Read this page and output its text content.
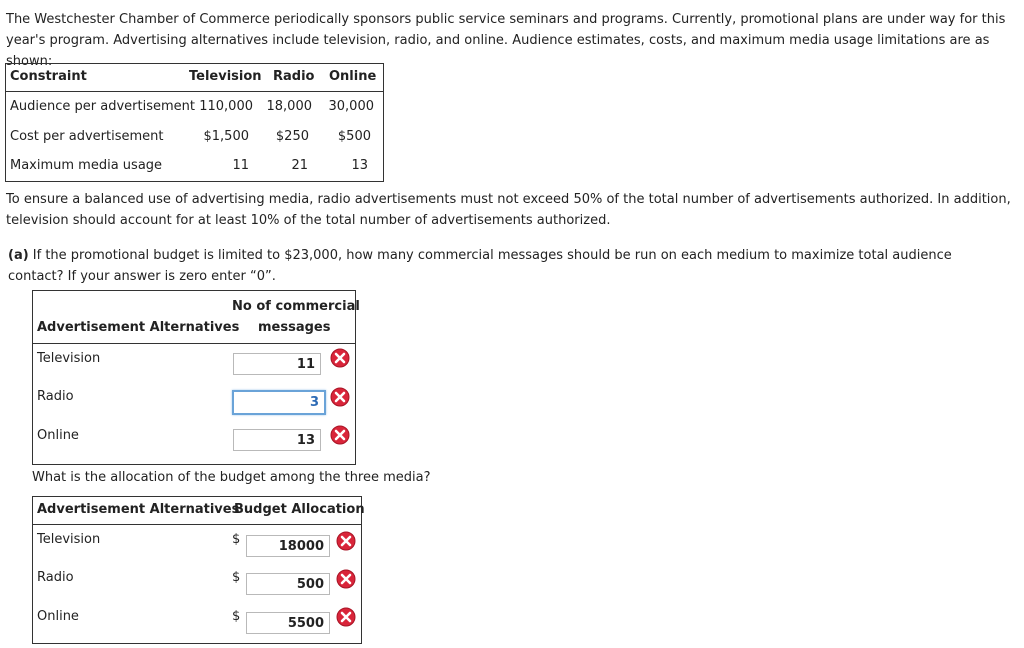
The Westchester Chamber of Commerce periodically sponsors public service seminars and programs. Currently, promotional plans are under way for this year's program. Advertising alternatives include television, radio, and online. Audience estimates, costs, and maximum media usage limitations are as shown:
Constraint	Television Radio Online
Audience per advertisement 110,000	18,000	30,000
Cost per advertisement	$1,500	$250	$500
Maximum media usage	11	21	13
To ensure a balanced use of advertising media, radio advertisements must not exceed 50% of the total number of advertisements authorized. In addition, television should account for at least 10% of the total number of advertisements authorized.
(a) If the promotional budget is limited to $23,000, how many commercial messages should be run on each medium to maximize total audience contact? If your answer is zero enter “0”.
Advertisement Alternatives
No of commercial
messages
Television	11
Radio	3
Online	13
What is the allocation of the budget among the three media?
Advertisement Alternatives
Budget Allocation
Television	$	18000
Radio	$	500
Online	$	5500
